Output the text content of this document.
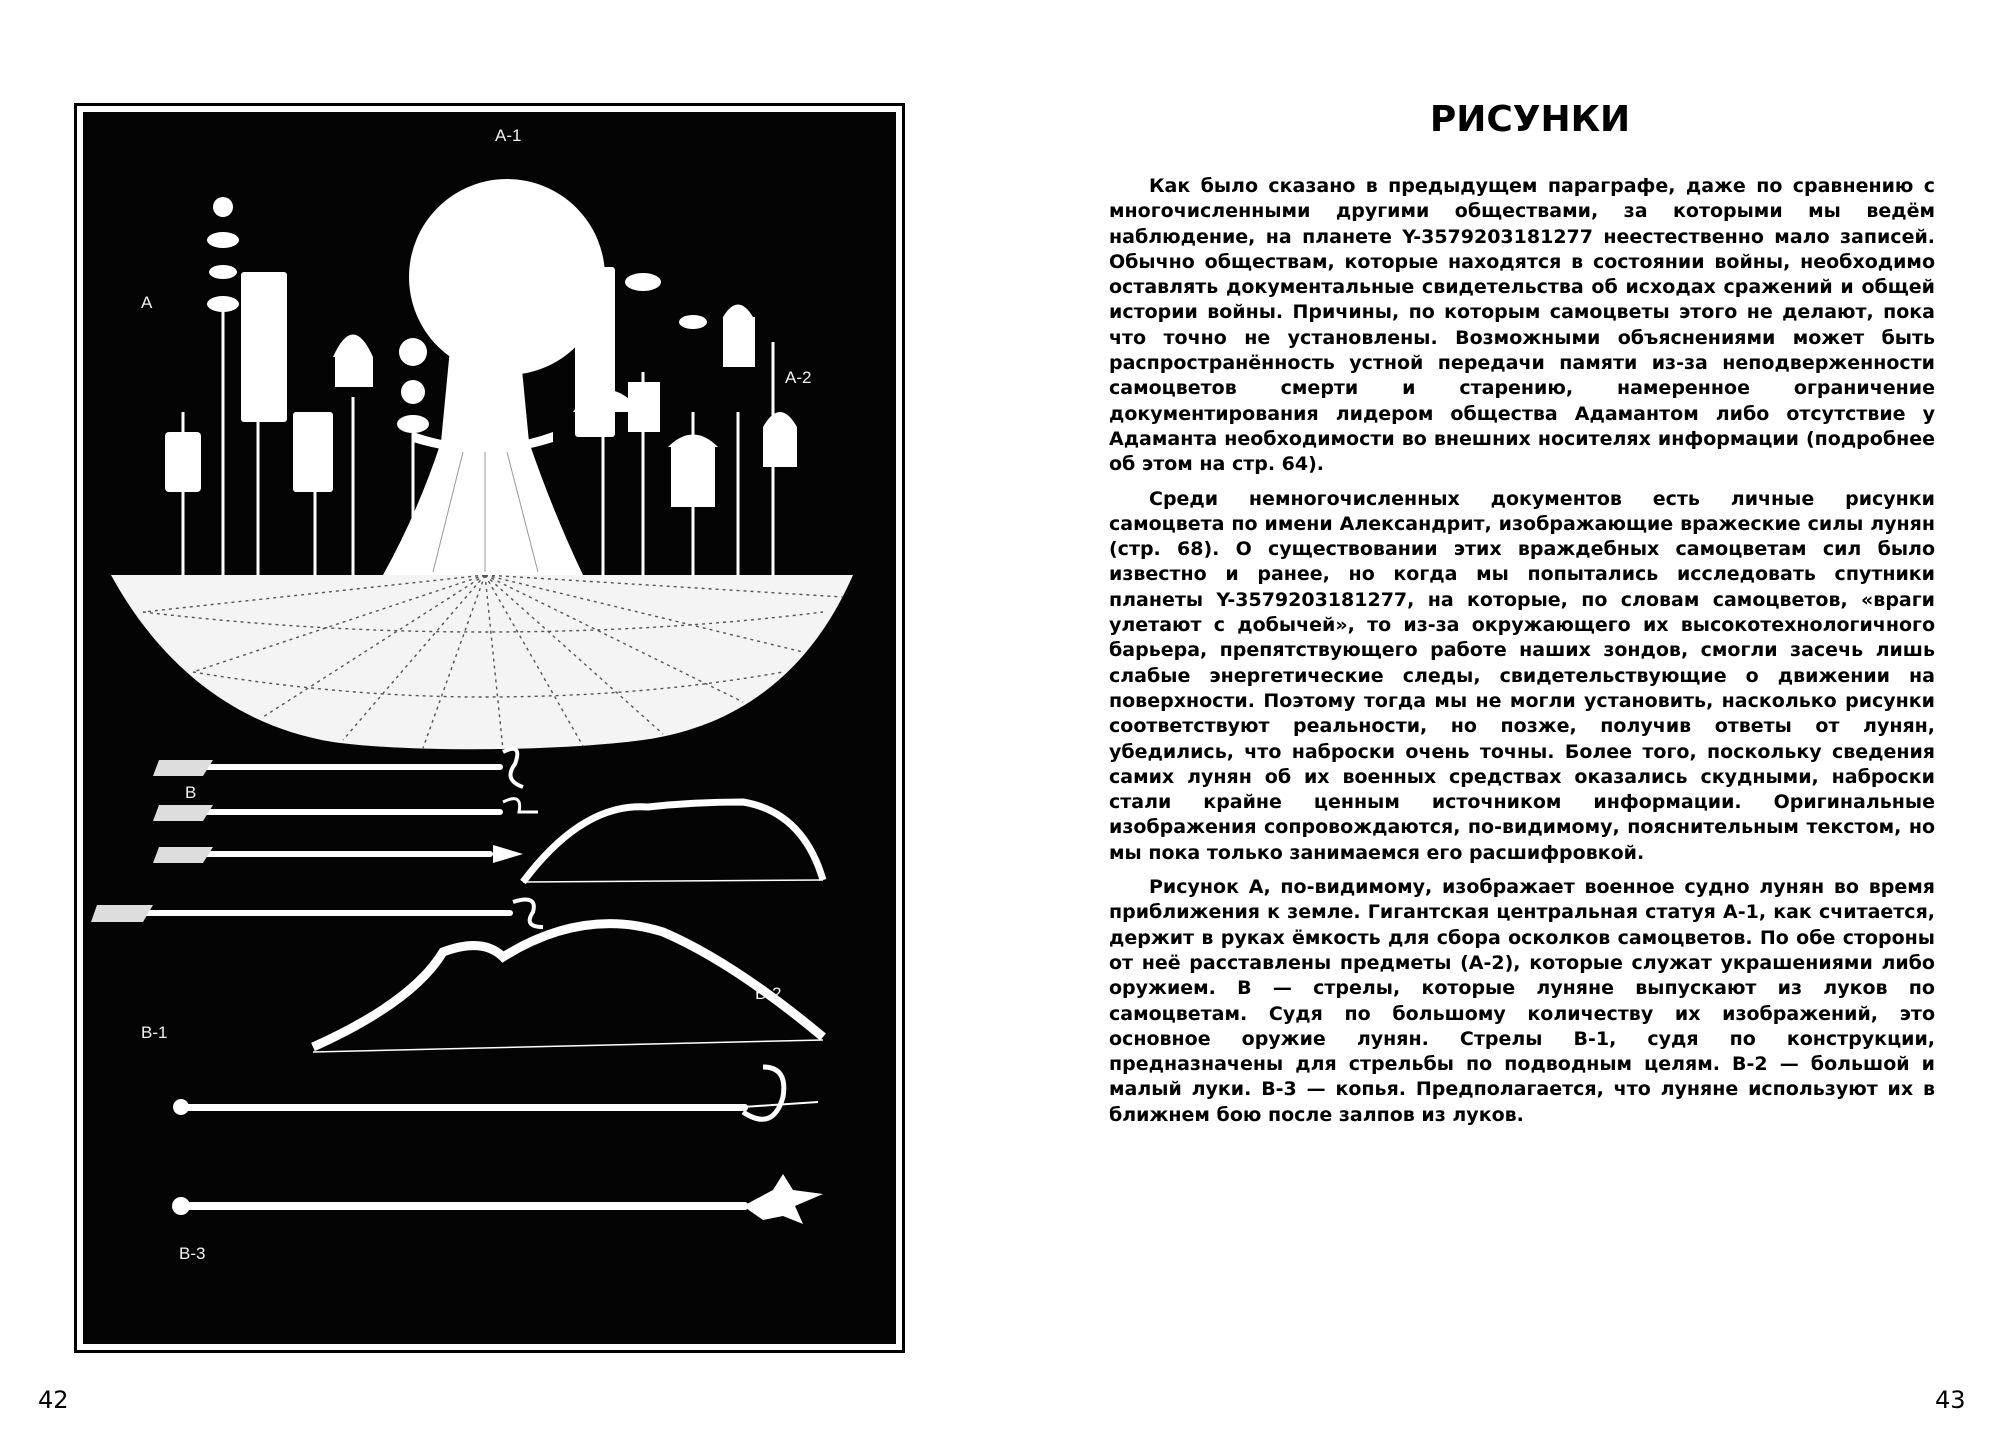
A-1
A
A-2
B
B-2
B-1
B-3
42
РИСУНКИ

Как было сказано в предыдущем параграфе, даже по сравнению с многочисленными другими обществами, за которыми мы ведём наблюдение, на планете Y-3579203181277 неестественно мало записей. Обычно обществам, которые находятся в состоянии войны, необходимо оставлять документальные свидетельства об исходах сражений и общей истории войны. Причины, по которым самоцветы этого не делают, пока что точно не установлены. Возможными объяснениями может быть распространённость устной передачи памяти из-за неподверженности самоцветов смерти и старению, намеренное ограничение документирования лидером общества Адамантом либо отсутствие у Адаманта необходимости во внешних носителях информации (подробнее об этом на стр. 64).

Среди немногочисленных документов есть личные рисунки самоцвета по имени Александрит, изображающие вражеские силы лунян (стр. 68). О существовании этих враждебных самоцветам сил было известно и ранее, но когда мы попытались исследовать спутники планеты Y-3579203181277, на которые, по словам самоцветов, «враги улетают с добычей», то из-за окружающего их высокотехнологичного барьера, препятствующего работе наших зондов, смогли засечь лишь слабые энергетические следы, свидетельствующие о движении на поверхности. Поэтому тогда мы не могли установить, насколько рисунки соответствуют реальности, но позже, получив ответы от лунян, убедились, что наброски очень точны. Более того, поскольку сведения самих лунян об их военных средствах оказались скудными, наброски стали крайне ценным источником информации. Оригинальные изображения сопровождаются, по-видимому, пояснительным текстом, но мы пока только занимаемся его расшифровкой.

Рисунок А, по-видимому, изображает военное судно лунян во время приближения к земле. Гигантская центральная статуя А-1, как считается, держит в руках ёмкость для сбора осколков самоцветов. По обе стороны от неё расставлены предметы (А-2), которые служат украшениями либо оружием. В — стрелы, которые луняне выпускают из луков по самоцветам. Судя по большому количеству их изображений, это основное оружие лунян. Стрелы В-1, судя по конструкции, предназначены для стрельбы по подводным целям. В-2 — большой и малый луки. В-3 — копья. Предполагается, что луняне используют их в ближнем бою после залпов из луков.

43
